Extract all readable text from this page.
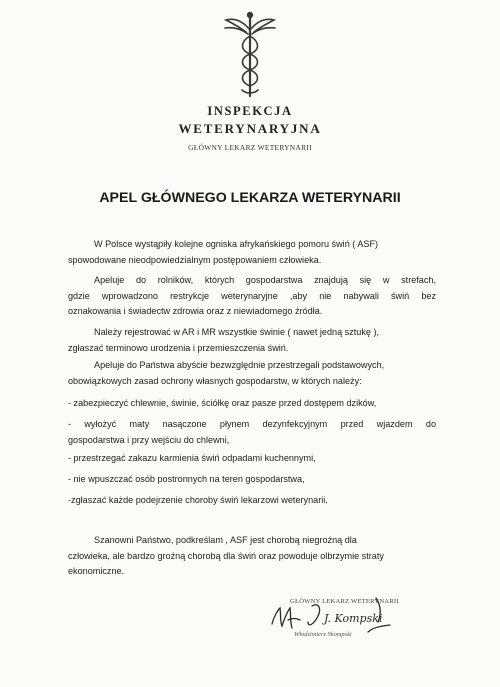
INSPEKCJA
WETERYNARYJNA
GŁÓWNY LEKARZ WETERYNARII
APEL GŁÓWNEGO LEKARZA WETERYNARII
W Polsce wystąpiły kolejne ogniska afrykańskiego pomoru świń ( ASF)
spowodowane nieodpowiedzialnym postępowaniem człowieka.
Apeluje do rolników, których gospodarstwa znajdują się w strefach,
gdzie wprowadzono restrykcje weterynaryjne ,aby nie nabywali świń bez
oznakowania i świadectw zdrowia oraz z niewiadomego źródła.
Należy rejestrować w AR i MR wszystkie świnie ( nawet jedną sztukę ),
zgłaszać terminowo urodzenia i przemieszczenia świń.
Apeluje do Państwa abyście bezwzględnie przestrzegali podstawowych,
obowiązkowych zasad ochrony własnych gospodarstw, w których należy:
- zabezpieczyć chlewnie, świnie, ściółkę oraz pasze przed dostępem dzików,
- wyłożyć maty nasączone płynem dezynfekcyjnym przed wjazdem do
gospodarstwa i przy wejściu do chlewni,
- przestrzegać zakazu karmienia świń odpadami kuchennymi,
- nie wpuszczać osób postronnych na teren gospodarstwa,
-zgłaszać każde podejrzenie choroby świń lekarzowi weterynarii.
Szanowni Państwo, podkreślam , ASF jest chorobą niegroźną dla
człowieka, ale bardzo groźną chorobą dla świń oraz powoduje olbrzymie straty
ekonomiczne.
GŁÓWNY LEKARZ WETERYNARII
Włodzimierz Skompski
J. Kompski
